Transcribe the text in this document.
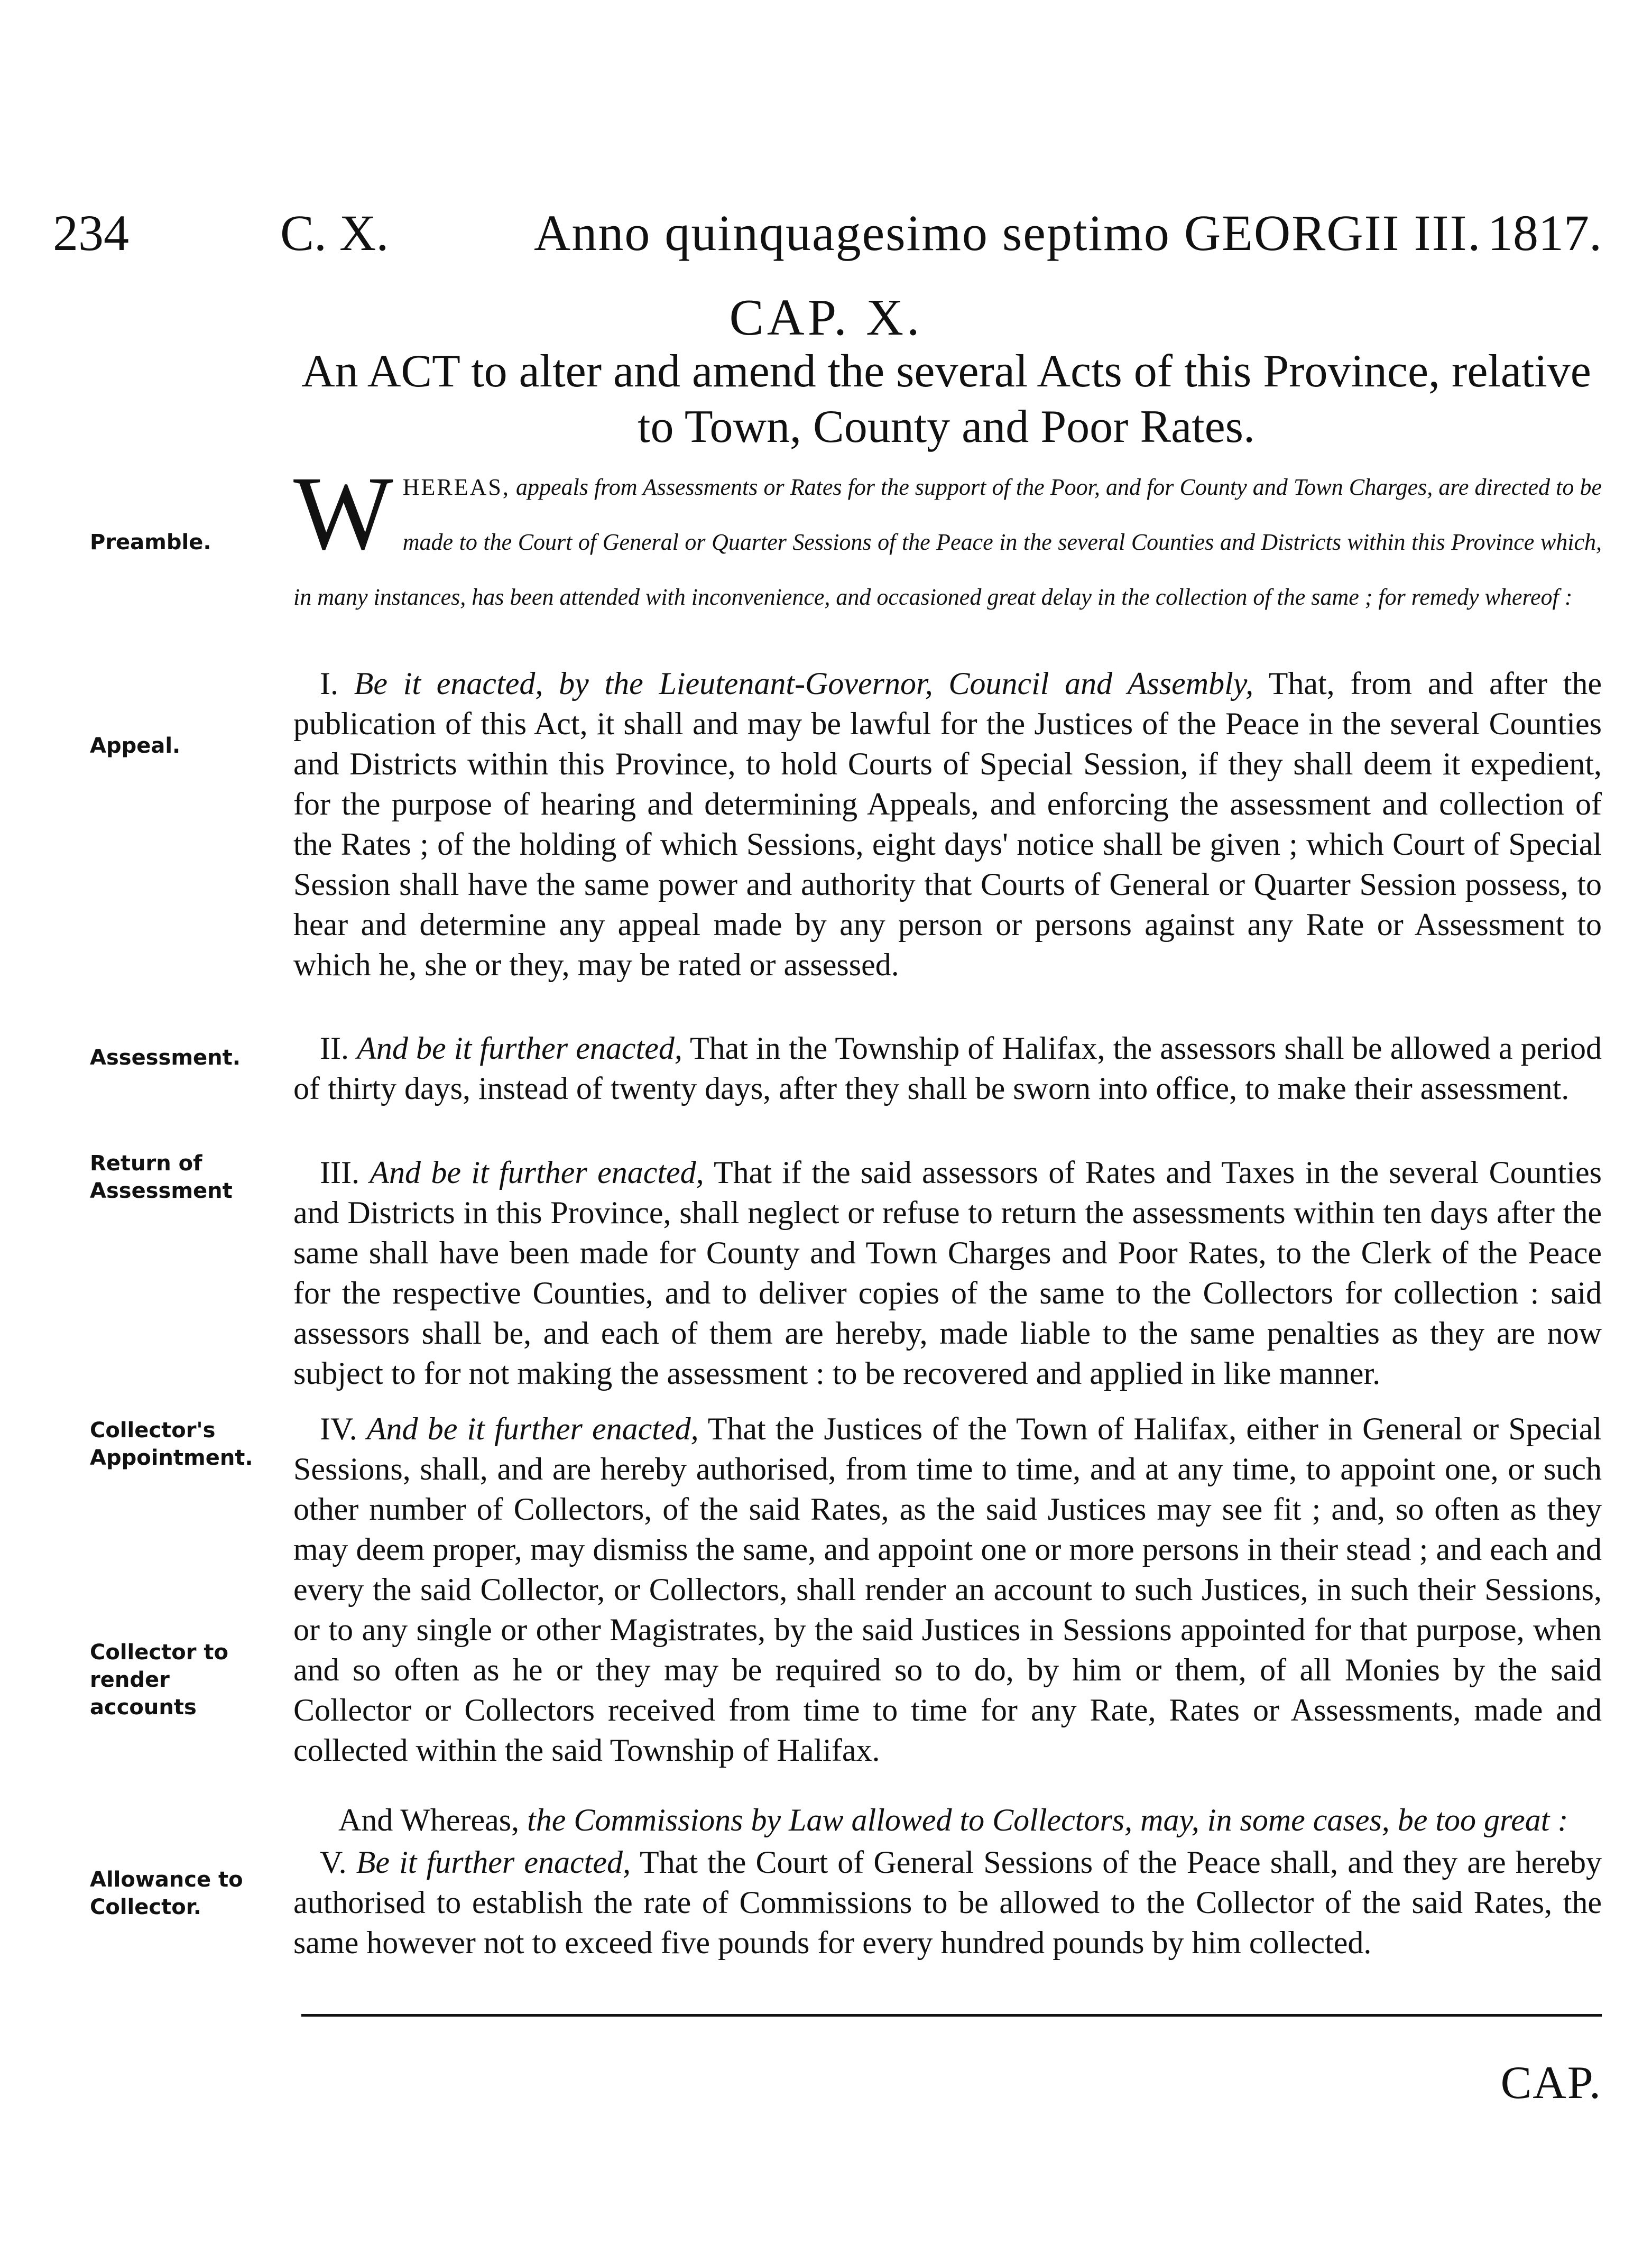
234	C. X.	Anno quinquagesimo septimo GEORGII III. 1817.
CAP. X.
An ACT to alter and amend the several Acts of this Province, relative to Town, County and Poor Rates.
Preamble.
Appeal.
Assessment.
Return of Assessment
Collector's Appointment.
Collector to render accounts
Allowance to Collector.
WHEREAS, appeals from Assessments or Rates for the support of the Poor, and for County and Town Charges, are directed to be made to the Court of General or Quarter Sessions of the Peace in the several Counties and Districts within this Province which, in many instances, has been attended with inconvenience, and occasioned great delay in the collection of the same ; for remedy whereof :
I. Be it enacted, by the Lieutenant-Governor, Council and Assembly, That, from and after the publication of this Act, it shall and may be lawful for the Justices of the Peace in the several Counties and Districts within this Province, to hold Courts of Special Session, if they shall deem it expedient, for the purpose of hearing and determining Appeals, and enforcing the assessment and collection of the Rates ; of the holding of which Sessions, eight days' notice shall be given ; which Court of Special Session shall have the same power and authority that Courts of General or Quarter Session possess, to hear and determine any appeal made by any person or persons against any Rate or Assessment to which he, she or they, may be rated or assessed.
II. And be it further enacted, That in the Township of Halifax, the assessors shall be allowed a period of thirty days, instead of twenty days, after they shall be sworn into office, to make their assessment.
III. And be it further enacted, That if the said assessors of Rates and Taxes in the several Counties and Districts in this Province, shall neglect or refuse to return the assessments within ten days after the same shall have been made for County and Town Charges and Poor Rates, to the Clerk of the Peace for the respective Counties, and to deliver copies of the same to the Collectors for collection : said assessors shall be, and each of them are hereby, made liable to the same penalties as they are now subject to for not making the assessment : to be recovered and applied in like manner.
IV. And be it further enacted, That the Justices of the Town of Halifax, either in General or Special Sessions, shall, and are hereby authorised, from time to time, and at any time, to appoint one, or such other number of Collectors, of the said Rates, as the said Justices may see fit ; and, so often as they may deem proper, may dismiss the same, and appoint one or more persons in their stead ; and each and every the said Collector, or Collectors, shall render an account to such Justices, in such their Sessions, or to any single or other Magistrates, by the said Justices in Sessions appointed for that purpose, when and so often as he or they may be required so to do, by him or them, of all Monies by the said Collector or Collectors received from time to time for any Rate, Rates or Assessments, made and collected within the said Township of Halifax.
And Whereas, the Commissions by Law allowed to Collectors, may, in some cases, be too great :
V. Be it further enacted, That the Court of General Sessions of the Peace shall, and they are hereby authorised to establish the rate of Commissions to be allowed to the Collector of the said Rates, the same however not to exceed five pounds for every hundred pounds by him collected.
CAP.
